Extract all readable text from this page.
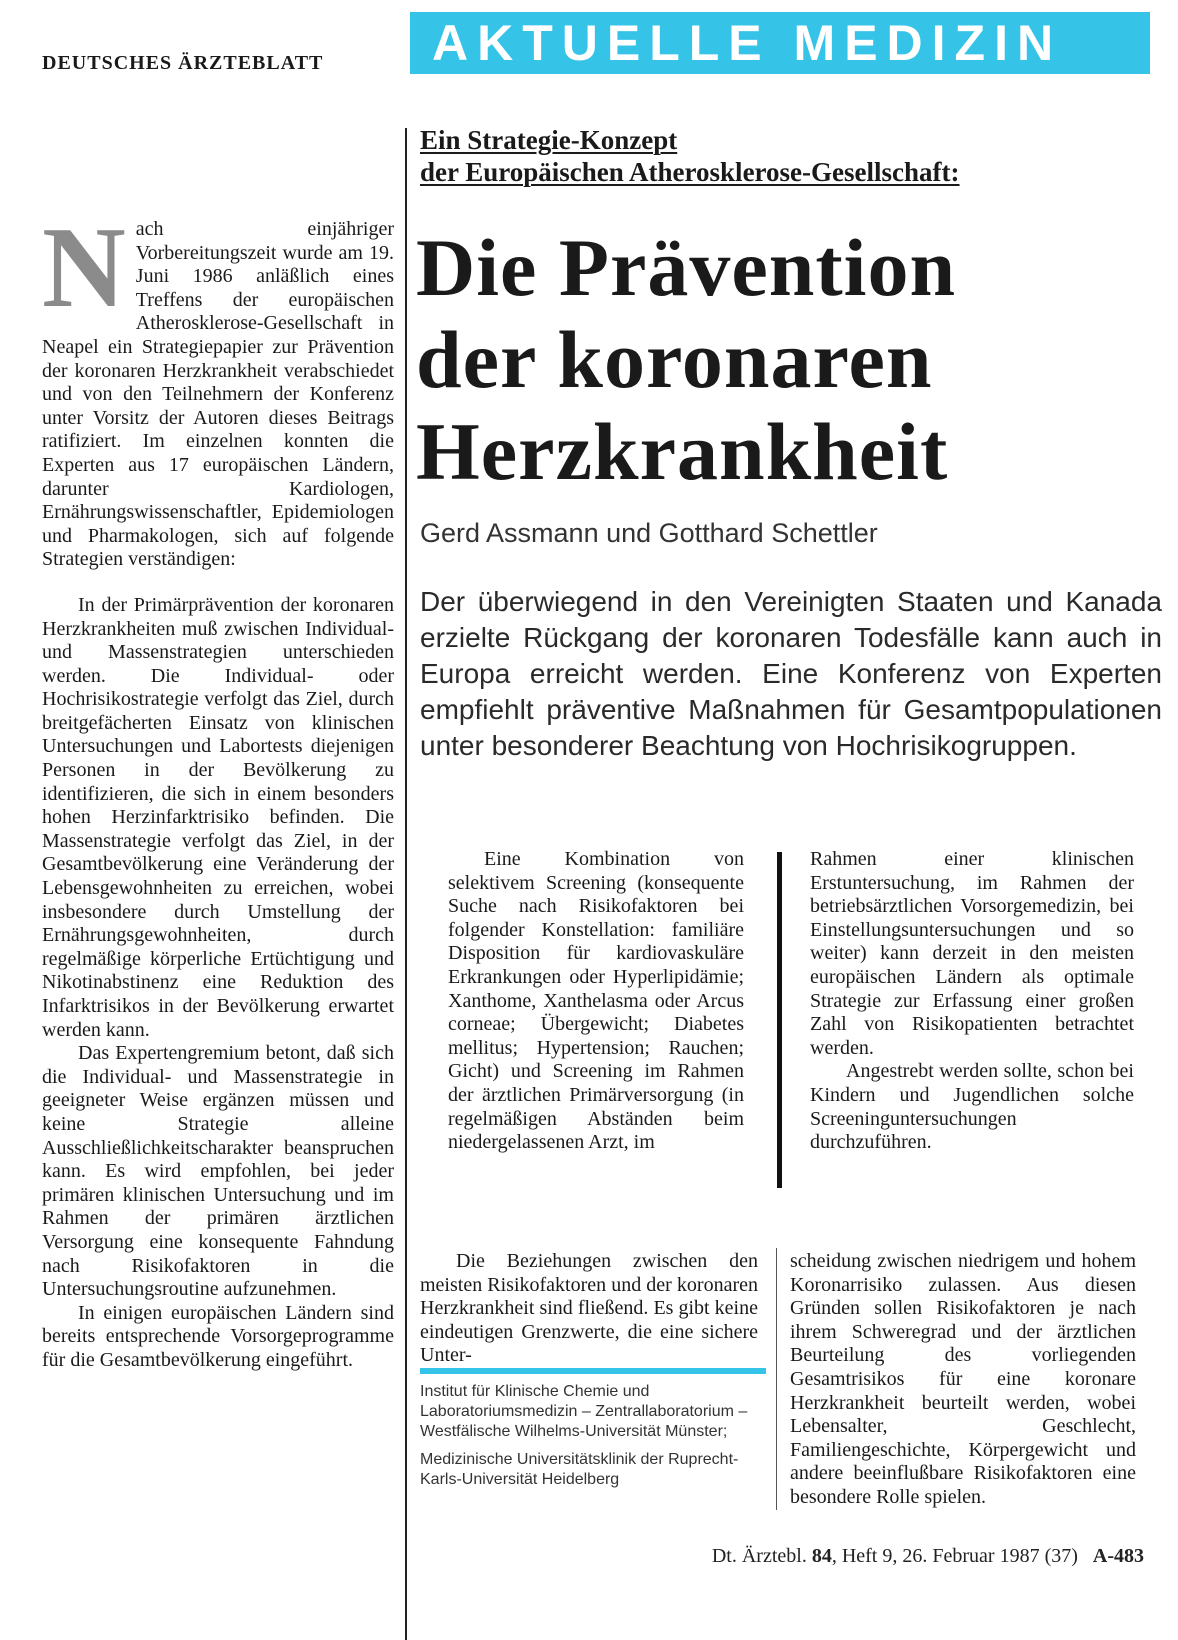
DEUTSCHES ÄRZTEBLATT	AKTUELLE MEDIZIN
Ein Strategie-Konzept
der Europäischen Atherosklerose-Gesellschaft:
Die Prävention
der koronaren
Herzkrankheit
Gerd Assmann und Gotthard Schettler
Der überwiegend in den Vereinigten Staaten und Kanada erzielte Rückgang der koronaren Todesfälle kann auch in Europa erreicht werden. Eine Konferenz von Experten empfiehlt präventive Maßnahmen für Gesamtpopulationen unter besonderer Beachtung von Hochrisikogruppen.
N ach einjähriger Vorbereitungszeit wurde am 19. Juni 1986 anläßlich eines Treffens der europäischen Atherosklerose-Gesellschaft in Neapel ein Strategiepapier zur Prävention der koronaren Herzkrankheit verabschiedet und von den Teilnehmern der Konferenz unter Vorsitz der Autoren dieses Beitrags ratifiziert. Im einzelnen konnten die Experten aus 17 europäischen Ländern, darunter Kardiologen, Ernährungswissenschaftler, Epidemiologen und Pharmakologen, sich auf folgende Strategien verständigen:

In der Primärprävention der koronaren Herzkrankheiten muß zwischen Individual- und Massenstrategien unterschieden werden. Die Individual- oder Hochrisikostrategie verfolgt das Ziel, durch breitgefächerten Einsatz von klinischen Untersuchungen und Labortests diejenigen Personen in der Bevölkerung zu identifizieren, die sich in einem besonders hohen Herzinfarktrisiko befinden. Die Massenstrategie verfolgt das Ziel, in der Gesamtbevölkerung eine Veränderung der Lebensgewohnheiten zu erreichen, wobei insbesondere durch Umstellung der Ernährungsgewohnheiten, durch regelmäßige körperliche Ertüchtigung und Nikotinabstinenz eine Reduktion des Infarktrisikos in der Bevölkerung erwartet werden kann.

Das Expertengremium betont, daß sich die Individual- und Massenstrategie in geeigneter Weise ergänzen müssen und keine Strategie alleine Ausschließlichkeitscharakter beanspruchen kann. Es wird empfohlen, bei jeder primären klinischen Untersuchung und im Rahmen der primären ärztlichen Versorgung eine konsequente Fahndung nach Risikofaktoren in die Untersuchungsroutine aufzunehmen.

In einigen europäischen Ländern sind bereits entsprechende Vorsorgeprogramme für die Gesamtbevölkerung eingeführt.

Eine Kombination von selektivem Screening (konsequente Suche nach Risikofaktoren bei folgender Konstellation: familiäre Disposition für kardiovaskuläre Erkrankungen oder Hyperlipidämie; Xanthome, Xanthelasma oder Arcus corneae; Übergewicht; Diabetes mellitus; Hypertension; Rauchen; Gicht) und Screening im Rahmen der ärztlichen Primärversorgung (in regelmäßigen Abständen beim niedergelassenen Arzt, im

Rahmen einer klinischen Erstuntersuchung, im Rahmen der betriebsärztlichen Vorsorgemedizin, bei Einstellungsuntersuchungen und so weiter) kann derzeit in den meisten europäischen Ländern als optimale Strategie zur Erfassung einer großen Zahl von Risikopatienten betrachtet werden.

Angestrebt werden sollte, schon bei Kindern und Jugendlichen solche Screeninguntersuchungen durchzuführen.

Die Beziehungen zwischen den meisten Risikofaktoren und der koronaren Herzkrankheit sind fließend. Es gibt keine eindeutigen Grenzwerte, die eine sichere Unter-

Institut für Klinische Chemie und Laboratoriumsmedizin – Zentrallaboratorium – Westfälische Wilhelms-Universität Münster;

Medizinische Universitätsklinik der Ruprecht-Karls-Universität Heidelberg

scheidung zwischen niedrigem und hohem Koronarrisiko zulassen. Aus diesen Gründen sollen Risikofaktoren je nach ihrem Schweregrad und der ärztlichen Beurteilung des vorliegenden Gesamtrisikos für eine koronare Herzkrankheit beurteilt werden, wobei Lebensalter, Geschlecht, Familiengeschichte, Körpergewicht und andere beeinflußbare Risikofaktoren eine besondere Rolle spielen.

Dt. Ärztebl. 84, Heft 9, 26. Februar 1987 (37) A-483
